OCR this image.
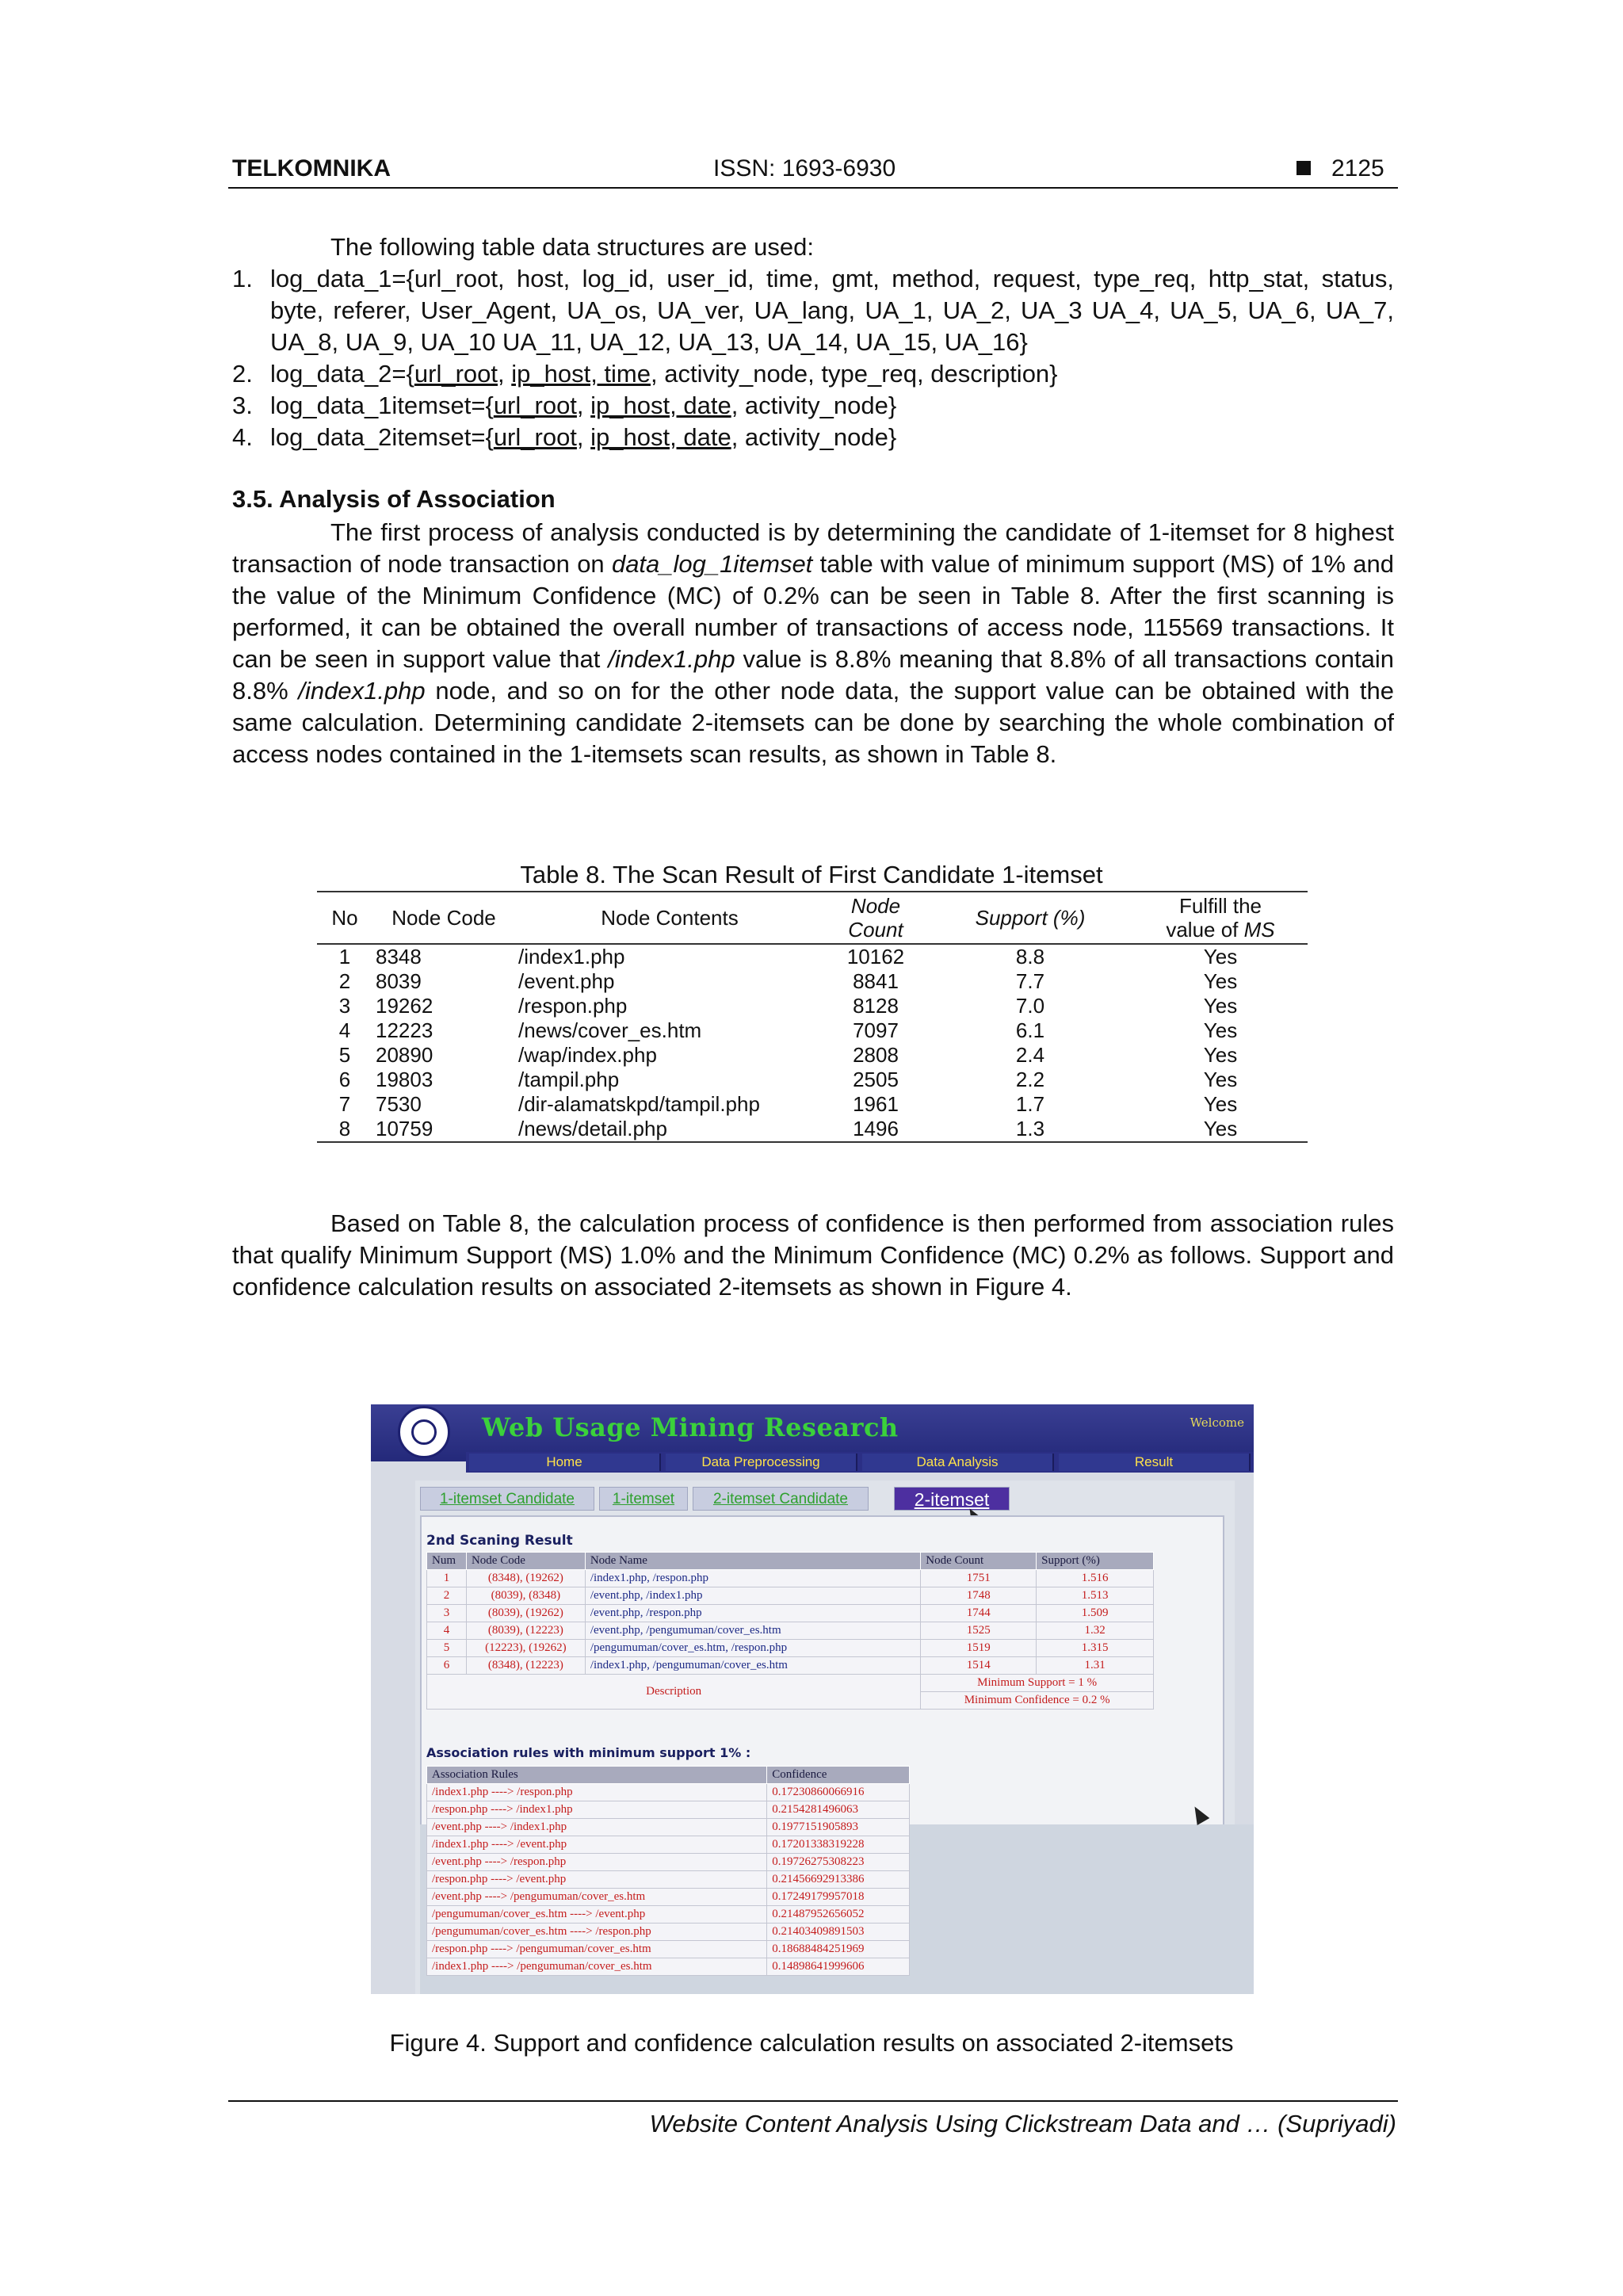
TELKOMNIKA	ISSN: 1693-6930	2125
The following table data structures are used:
1. log_data_1={url_root, host, log_id, user_id, time, gmt, method, request, type_req, http_stat, status, byte, referer, User_Agent, UA_os, UA_ver, UA_lang, UA_1, UA_2, UA_3 UA_4, UA_5, UA_6, UA_7, UA_8, UA_9, UA_10 UA_11, UA_12, UA_13, UA_14, UA_15, UA_16}
2. log_data_2={url_root, ip_host, time, activity_node, type_req, description}
3. log_data_1itemset={url_root, ip_host, date, activity_node}
4. log_data_2itemset={url_root, ip_host, date, activity_node}
3.5. Analysis of Association
The first process of analysis conducted is by determining the candidate of 1-itemset for 8 highest transaction of node transaction on data_log_1itemset table with value of minimum support (MS) of 1% and the value of the Minimum Confidence (MC) of 0.2% can be seen in Table 8. After the first scanning is performed, it can be obtained the overall number of transactions of access node, 115569 transactions. It can be seen in support value that /index1.php value is 8.8% meaning that 8.8% of all transactions contain 8.8% /index1.php node, and so on for the other node data, the support value can be obtained with the same calculation. Determining candidate 2-itemsets can be done by searching the whole combination of access nodes contained in the 1-itemsets scan results, as shown in Table 8.
Table 8. The Scan Result of First Candidate 1-itemset
No	Node Code	Node Contents	Node
Count	Support (%)	Fulfill the
value of MS
1	8348	/index1.php	10162	8.8	Yes
2	8039	/event.php	8841	7.7	Yes
3	19262	/respon.php	8128	7.0	Yes
4	12223	/news/cover_es.htm	7097	6.1	Yes
5	20890	/wap/index.php	2808	2.4	Yes
6	19803	/tampil.php	2505	2.2	Yes
7	7530	/dir-alamatskpd/tampil.php	1961	1.7	Yes
8	10759	/news/detail.php	1496	1.3	Yes
Based on Table 8, the calculation process of confidence is then performed from association rules that qualify Minimum Support (MS) 1.0% and the Minimum Confidence (MC) 0.2% as follows. Support and confidence calculation results on associated 2-itemsets as shown in Figure 4.
Web Usage Mining Research	Welcome
Home	Data Preprocessing	Data Analysis	Result
1-itemset Candidate	1-itemset	2-itemset Candidate	2-itemset
2nd Scaning Result
Num	Node Code	Node Name	Node Count	Support (%)
1	(8348), (19262)	/index1.php, /respon.php	1751	1.516
2	(8039), (8348)	/event.php, /index1.php	1748	1.513
3	(8039), (19262)	/event.php, /respon.php	1744	1.509
4	(8039), (12223)	/event.php, /pengumuman/cover_es.htm	1525	1.32
5	(12223), (19262)	/pengumuman/cover_es.htm, /respon.php	1519	1.315
6	(8348), (12223)	/index1.php, /pengumuman/cover_es.htm	1514	1.31
Description			Minimum Support = 1 %	
			Minimum Confidence = 0.2 %	
Association rules with minimum support 1% :
Association Rules	Confidence
/index1.php ----> /respon.php	0.17230860066916
/respon.php ----> /index1.php	0.2154281496063
/event.php ----> /index1.php	0.1977151905893
/index1.php ----> /event.php	0.17201338319228
/event.php ----> /respon.php	0.19726275308223
/respon.php ----> /event.php	0.21456692913386
/event.php ----> /pengumuman/cover_es.htm	0.17249179957018
/pengumuman/cover_es.htm ----> /event.php	0.21487952656052
/pengumuman/cover_es.htm ----> /respon.php	0.21403409891503
/respon.php ----> /pengumuman/cover_es.htm	0.18688484251969
/index1.php ----> /pengumuman/cover_es.htm	0.14898641999606
Figure 4. Support and confidence calculation results on associated 2-itemsets
Website Content Analysis Using Clickstream Data and … (Supriyadi)
